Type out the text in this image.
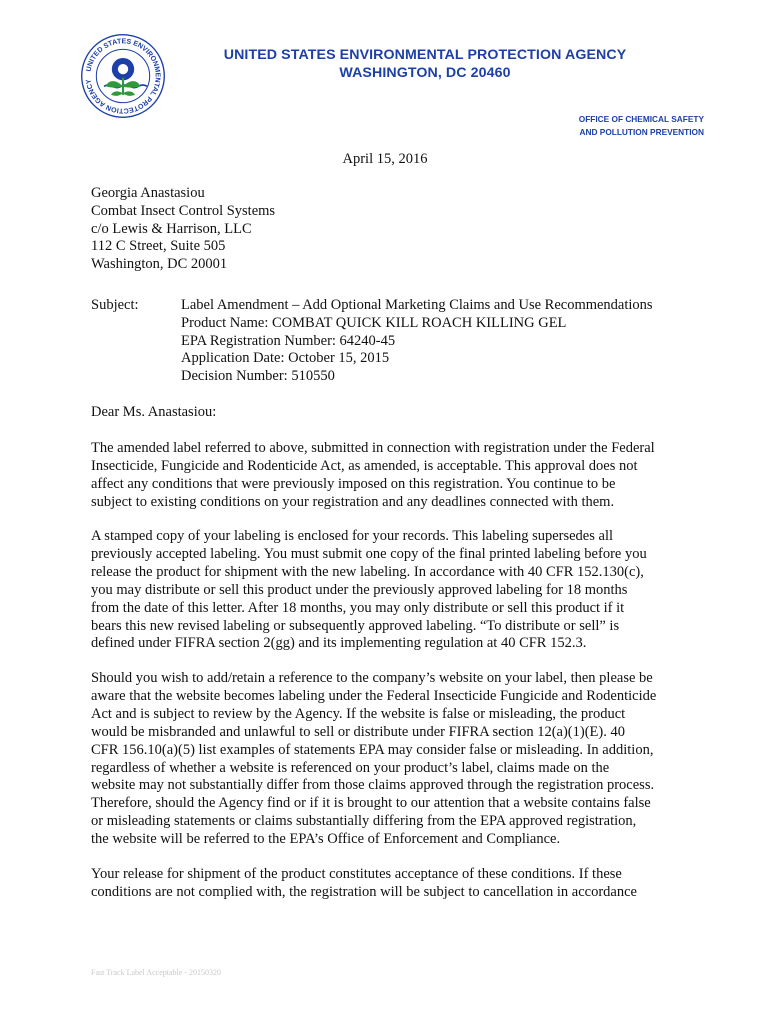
UNITED STATES ENVIRONMENTAL PROTECTION AGENCY
UNITED STATES ENVIRONMENTAL PROTECTION AGENCY
WASHINGTON, DC 20460
OFFICE OF CHEMICAL SAFETY
AND POLLUTION PREVENTION
April 15, 2016
Georgia Anastasiou
Combat Insect Control Systems
c/o Lewis & Harrison, LLC
112 C Street, Suite 505
Washington, DC 20001
Subject:	Label Amendment – Add Optional Marketing Claims and Use Recommendations
Product Name: COMBAT QUICK KILL ROACH KILLING GEL
EPA Registration Number: 64240-45
Application Date: October 15, 2015
Decision Number: 510550
Dear Ms. Anastasiou:
The amended label referred to above, submitted in connection with registration under the Federal
Insecticide, Fungicide and Rodenticide Act, as amended, is acceptable. This approval does not
affect any conditions that were previously imposed on this registration. You continue to be
subject to existing conditions on your registration and any deadlines connected with them.
A stamped copy of your labeling is enclosed for your records. This labeling supersedes all
previously accepted labeling. You must submit one copy of the final printed labeling before you
release the product for shipment with the new labeling. In accordance with 40 CFR 152.130(c),
you may distribute or sell this product under the previously approved labeling for 18 months
from the date of this letter. After 18 months, you may only distribute or sell this product if it
bears this new revised labeling or subsequently approved labeling. “To distribute or sell” is
defined under FIFRA section 2(gg) and its implementing regulation at 40 CFR 152.3.
Should you wish to add/retain a reference to the company’s website on your label, then please be
aware that the website becomes labeling under the Federal Insecticide Fungicide and Rodenticide
Act and is subject to review by the Agency. If the website is false or misleading, the product
would be misbranded and unlawful to sell or distribute under FIFRA section 12(a)(1)(E). 40
CFR 156.10(a)(5) list examples of statements EPA may consider false or misleading. In addition,
regardless of whether a website is referenced on your product’s label, claims made on the
website may not substantially differ from those claims approved through the registration process.
Therefore, should the Agency find or if it is brought to our attention that a website contains false
or misleading statements or claims substantially differing from the EPA approved registration,
the website will be referred to the EPA’s Office of Enforcement and Compliance.
Your release for shipment of the product constitutes acceptance of these conditions. If these
conditions are not complied with, the registration will be subject to cancellation in accordance
Fast Track Label Acceptable - 20150320
